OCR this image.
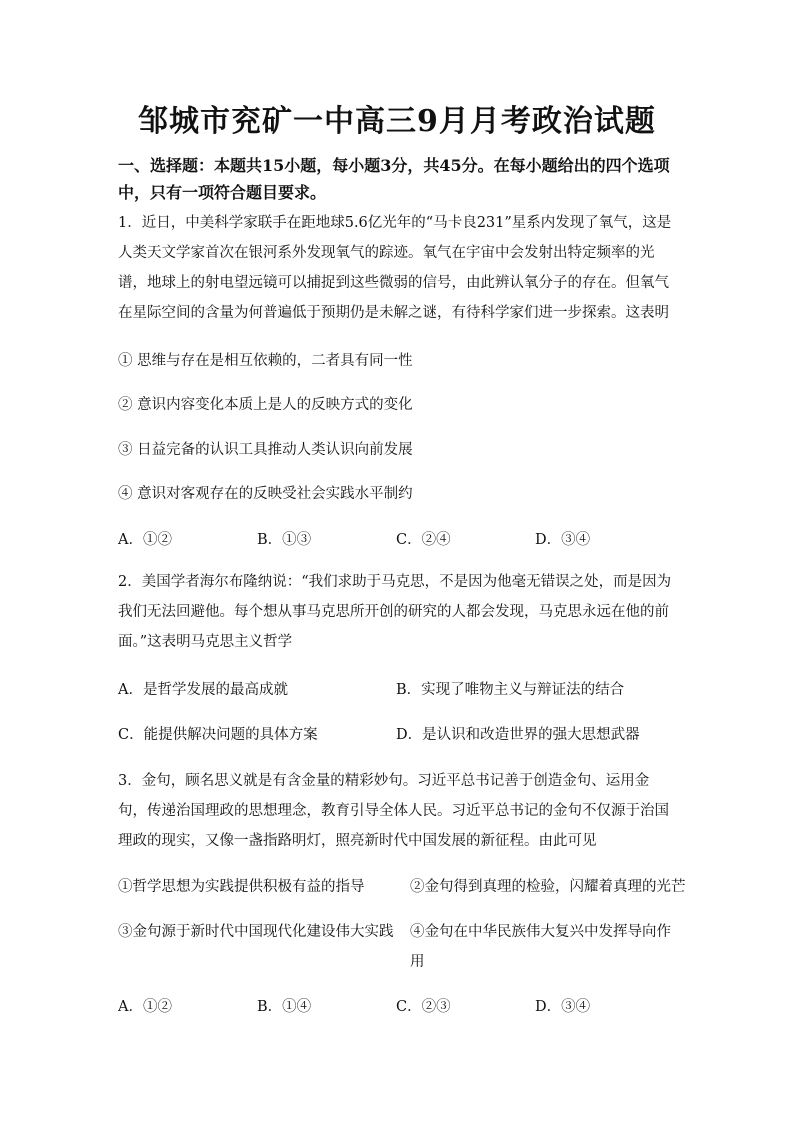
邹城市兖矿一中高三9月月考政治试题
一、选择题：本题共15小题，每小题3分，共45分。在每小题给出的四个选项中，只有一项符合题目要求。
1．近日，中美科学家联手在距地球5.6亿光年的“马卡良231”星系内发现了氧气，这是人类天文学家首次在银河系外发现氧气的踪迹。氧气在宇宙中会发射出特定频率的光谱，地球上的射电望远镜可以捕捉到这些微弱的信号，由此辨认氧分子的存在。但氧气在星际空间的含量为何普遍低于预期仍是未解之谜，有待科学家们进一步探索。这表明
① 思维与存在是相互依赖的，二者具有同一性
② 意识内容变化本质上是人的反映方式的变化
③ 日益完备的认识工具推动人类认识向前发展
④ 意识对客观存在的反映受社会实践水平制约
A．①②	B．①③	C．②④	D．③④
2．美国学者海尔布隆纳说：“我们求助于马克思，不是因为他毫无错误之处，而是因为我们无法回避他。每个想从事马克思所开创的研究的人都会发现，马克思永远在他的前面。”这表明马克思主义哲学
A．是哲学发展的最高成就	B．实现了唯物主义与辩证法的结合
C．能提供解决问题的具体方案	D．是认识和改造世界的强大思想武器
3．金句，顾名思义就是有含金量的精彩妙句。习近平总书记善于创造金句、运用金句，传递治国理政的思想理念，教育引导全体人民。习近平总书记的金句不仅源于治国理政的现实，又像一盏指路明灯，照亮新时代中国发展的新征程。由此可见
①哲学思想为实践提供积极有益的指导	②金句得到真理的检验，闪耀着真理的光芒
③金句源于新时代中国现代化建设伟大实践 ④金句在中华民族伟大复兴中发挥导向作用
A．①②	B．①④	C．②③	D．③④
